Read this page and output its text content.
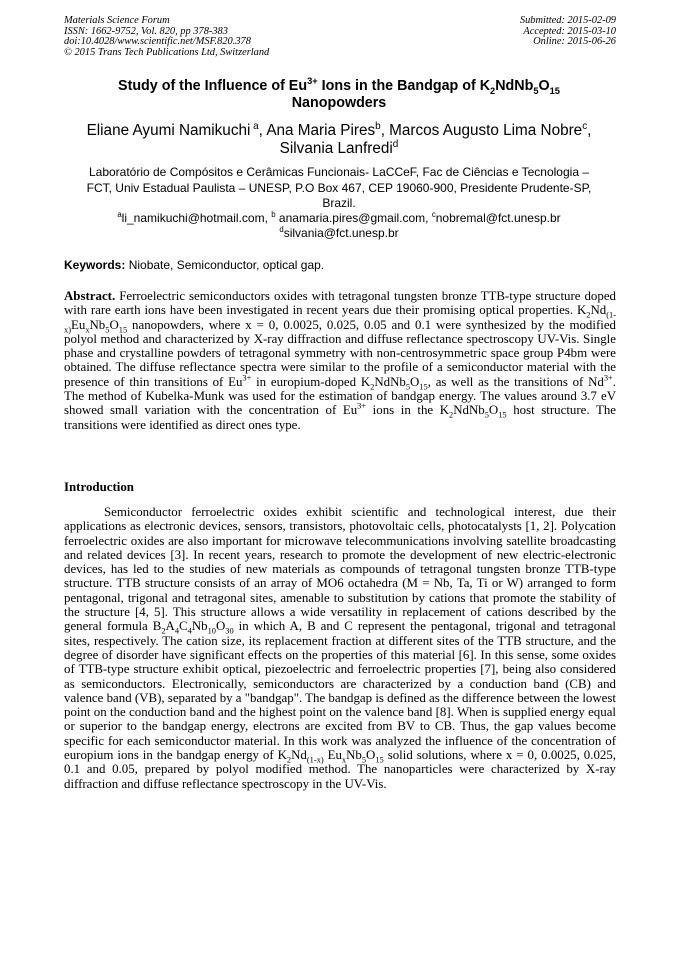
Materials Science Forum
ISSN: 1662-9752, Vol. 820, pp 378-383
doi:10.4028/www.scientific.net/MSF.820.378
© 2015 Trans Tech Publications Ltd, Switzerland
Submitted: 2015-02-09
Accepted: 2015-03-10
Online: 2015-06-26
Study of the Influence of $Eu^{3+}$ Ions in the Bandgap of $K_2NdNb_5O_{15}$
Nanopowders
Eliane Ayumi Namikuchi $^a$, Ana Maria Pires$^b$, Marcos Augusto Lima Nobre$^c$,
Silvania Lanfredi$^d$
Laboratório de Compósitos e Cerâmicas Funcionais- LaCCeF, Fac de Ciências e Tecnologia –
FCT, Univ Estadual Paulista – UNESP, P.O Box 467, CEP 19060-900, Presidente Prudente-SP,
Brazil.
$^a$li_namikuchi@hotmail.com, $^b$ anamaria.pires@gmail.com, $^c$nobremal@fct.unesp.br
$^d$silvania@fct.unesp.br
Keywords: Niobate, Semiconductor, optical gap.
Abstract. Ferroelectric semiconductors oxides with tetragonal tungsten bronze TTB-type structure doped with rare earth ions have been investigated in recent years due their promising optical properties. $K_2Nd_{(1-x)}Eu_xNb_5O_{15}$ nanopowders, where x = 0, 0.0025, 0.025, 0.05 and 0.1 were synthesized by the modified polyol method and characterized by X-ray diffraction and diffuse reflectance spectroscopy UV-Vis. Single phase and crystalline powders of tetragonal symmetry with non-centrosymmetric space group P4bm were obtained. The diffuse reflectance spectra were similar to the profile of a semiconductor material with the presence of thin transitions of $Eu^{3+}$ in europium-doped $K_2NdNb_5O_{15}$, as well as the transitions of $Nd^{3+}$. The method of Kubelka-Munk was used for the estimation of bandgap energy. The values around 3.7 eV showed small variation with the concentration of $Eu^{3+}$ ions in the $K_2NdNb_5O_{15}$ host structure. The transitions were identified as direct ones type.
Introduction

Semiconductor ferroelectric oxides exhibit scientific and technological interest, due their applications as electronic devices, sensors, transistors, photovoltaic cells, photocatalysts [1, 2]. Polycation ferroelectric oxides are also important for microwave telecommunications involving satellite broadcasting and related devices [3]. In recent years, research to promote the development of new electric-electronic devices, has led to the studies of new materials as compounds of tetragonal tungsten bronze TTB-type structure. TTB structure consists of an array of MO6 octahedra (M = Nb, Ta, Ti or W) arranged to form pentagonal, trigonal and tetragonal sites, amenable to substitution by cations that promote the stability of the structure [4, 5]. This structure allows a wide versatility in replacement of cations described by the general formula $B_2A_4C_4Nb_{10}O_{30}$ in which A, B and C represent the pentagonal, trigonal and tetragonal sites, respectively. The cation size, its replacement fraction at different sites of the TTB structure, and the degree of disorder have significant effects on the properties of this material [6]. In this sense, some oxides of TTB-type structure exhibit optical, piezoelectric and ferroelectric properties [7], being also considered as semiconductors. Electronically, semiconductors are characterized by a conduction band (CB) and valence band (VB), separated by a "bandgap". The bandgap is defined as the difference between the lowest point on the conduction band and the highest point on the valence band [8]. When is supplied energy equal or superior to the bandgap energy, electrons are excited from BV to CB. Thus, the gap values become specific for each semiconductor material. In this work was analyzed the influence of the concentration of europium ions in the bandgap energy of $K_2Nd_{(1-x)}$ $Eu_xNb_5O_{15}$ solid solutions, where x = 0, 0.0025, 0.025, 0.1 and 0.05, prepared by polyol modified method. The nanoparticles were characterized by X-ray diffraction and diffuse reflectance spectroscopy in the UV-Vis.
